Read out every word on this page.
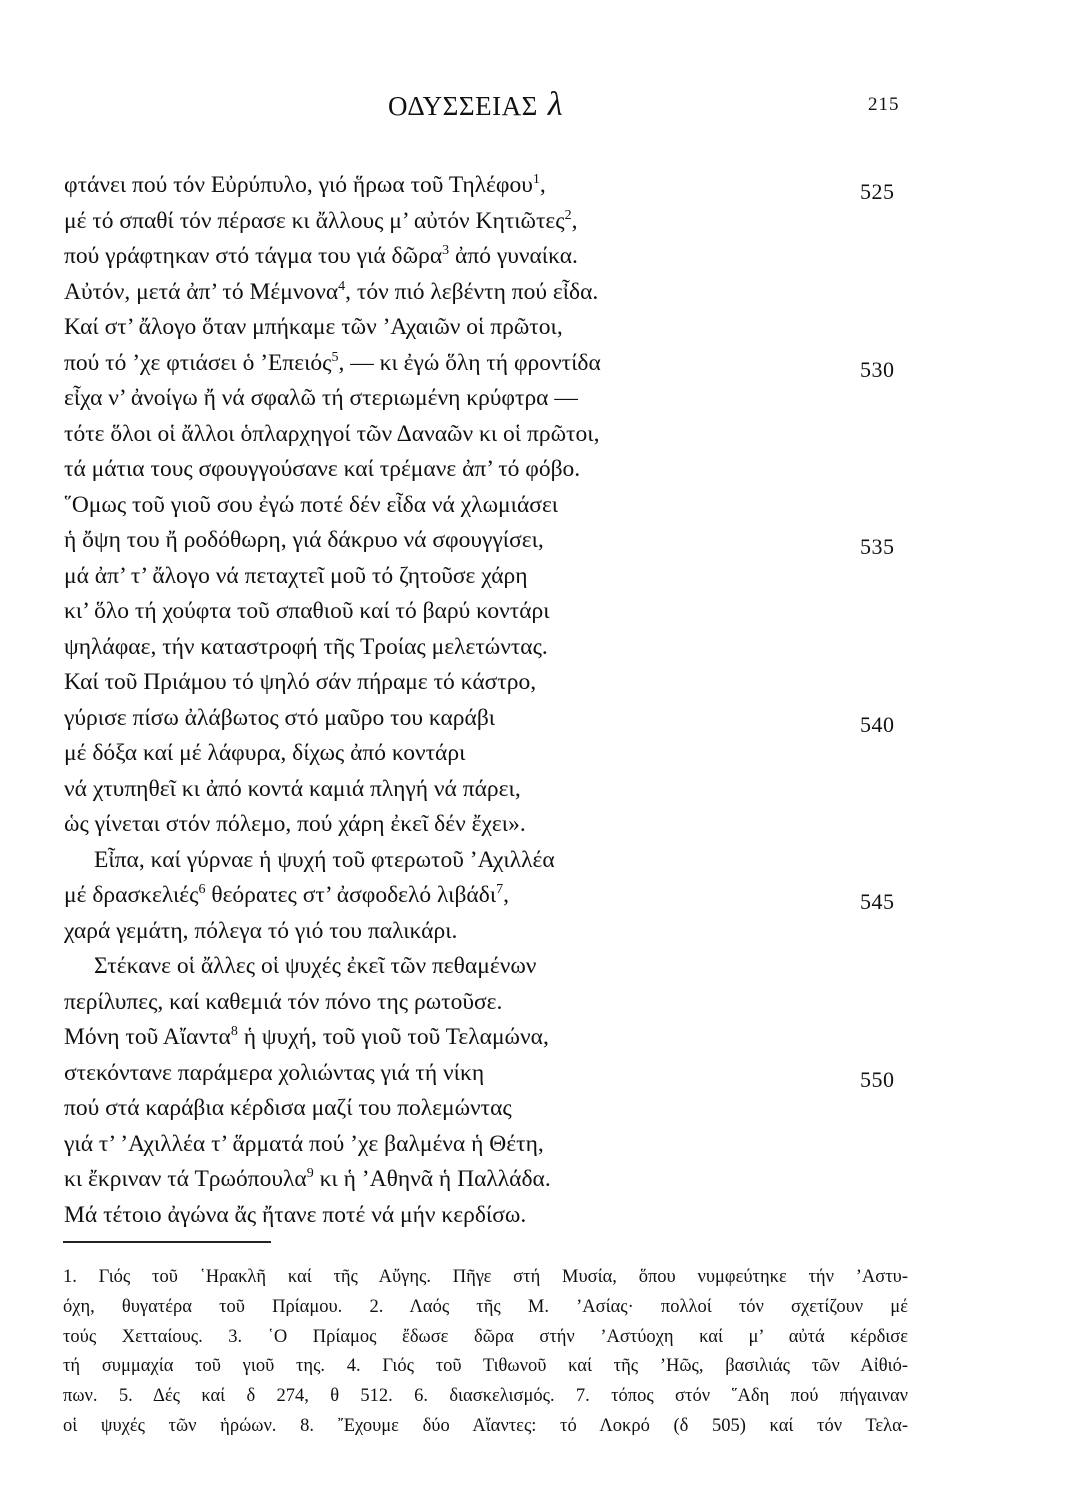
ΟΔΥΣΣΕΙΑΣ λ	215
φτάνει πού τόν Εὐρύπυλο, γιό ἥρωα τοῦ Τηλέφου$^1$,	525
μέ τό σπαθί τόν πέρασε κι ἄλλους μ’ αὐτόν Κητιῶτες$^2$,
πού γράφτηκαν στό τάγμα του γιά δῶρα$^3$ ἀπό γυναίκα.
Αὐτόν, μετά ἀπ’ τό Μέμνονα$^4$, τόν πιό λεβέντη πού εἶδα.
Καί στ’ ἄλογο ὅταν μπήκαμε τῶν ’Αχαιῶν οἱ πρῶτοι,
πού τό ’χε φτιάσει ὁ ’Επειός$^5$, — κι ἐγώ ὅλη τή φροντίδα	530
εἶχα ν’ ἀνοίγω ἤ νά σφαλῶ τή στεριωμένη κρύφτρα —
τότε ὅλοι οἱ ἄλλοι ὁπλαρχηγοί τῶν Δαναῶν κι οἱ πρῶτοι,
τά μάτια τους σφουγγούσανε καί τρέμανε ἀπ’ τό φόβο.
῞Ομως τοῦ γιοῦ σου ἐγώ ποτέ δέν εἶδα νά χλωμιάσει
ἡ ὄψη του ἤ ροδόθωρη, γιά δάκρυο νά σφουγγίσει,	535
μά ἀπ’ τ’ ἄλογο νά πεταχτεῖ μοῦ τό ζητοῦσε χάρη
κι’ ὅλο τή χούφτα τοῦ σπαθιοῦ καί τό βαρύ κοντάρι
ψηλάφαε, τήν καταστροφή τῆς Τροίας μελετώντας.
Καί τοῦ Πριάμου τό ψηλό σάν πήραμε τό κάστρο,
γύρισε πίσω ἀλάβωτος στό μαῦρο του καράβι	540
μέ δόξα καί μέ λάφυρα, δίχως ἀπό κοντάρι
νά χτυπηθεῖ κι ἀπό κοντά καμιά πληγή νά πάρει,
ὡς γίνεται στόν πόλεμο, πού χάρη ἐκεῖ δέν ἔχει».
Εἶπα, καί γύρναε ἡ ψυχή τοῦ φτερωτοῦ ’Αχιλλέα
μέ δρασκελιές$^6$ θεόρατες στ’ ἀσφοδελό λιβάδι$^7$,	545
χαρά γεμάτη, πόλεγα τό γιό του παλικάρι.
Στέκανε οἱ ἄλλες οἱ ψυχές ἐκεῖ τῶν πεθαμένων
περίλυπες, καί καθεμιά τόν πόνο της ρωτοῦσε.
Μόνη τοῦ Αἴαντα$^8$ ἡ ψυχή, τοῦ γιοῦ τοῦ Τελαμώνα,
στεκόντανε παράμερα χολιώντας γιά τή νίκη	550
πού στά καράβια κέρδισα μαζί του πολεμώντας
γιά τ’ ’Αχιλλέα τ’ ἅρματά πού ’χε βαλμένα ἡ Θέτη,
κι ἔκριναν τά Τρωόπουλα$^9$ κι ἡ ’Αθηνᾶ ἡ Παλλάδα.
Μά τέτοιο ἀγώνα ἄς ἤτανε ποτέ νά μήν κερδίσω.
1. Γιός τοῦ ῾Ηρακλῆ καί τῆς Αὔγης. Πῆγε στή Μυσία, ὅπου νυμφεύτηκε τήν ’Αστυ-
όχη, θυγατέρα τοῦ Πρίαμου. 2. Λαός τῆς Μ. ’Ασίας· πολλοί τόν σχετίζουν μέ
τούς Χετταίους. 3. ῾Ο Πρίαμος ἔδωσε δῶρα στήν ’Αστύοχη καί μ’ αὐτά κέρδισε
τή συμμαχία τοῦ γιοῦ της. 4. Γιός τοῦ Τιθωνοῦ καί τῆς ’Ηῶς, βασιλιάς τῶν Αἰθιό-
πων. 5. Δές καί δ 274, θ 512. 6. διασκελισμός. 7. τόπος στόν ῞Αδη πού πήγαιναν
οἱ ψυχές τῶν ἡρώων. 8. ῎Εχουμε δύο Αἴαντες: τό Λοκρό (δ 505) καί τόν Τελα-
